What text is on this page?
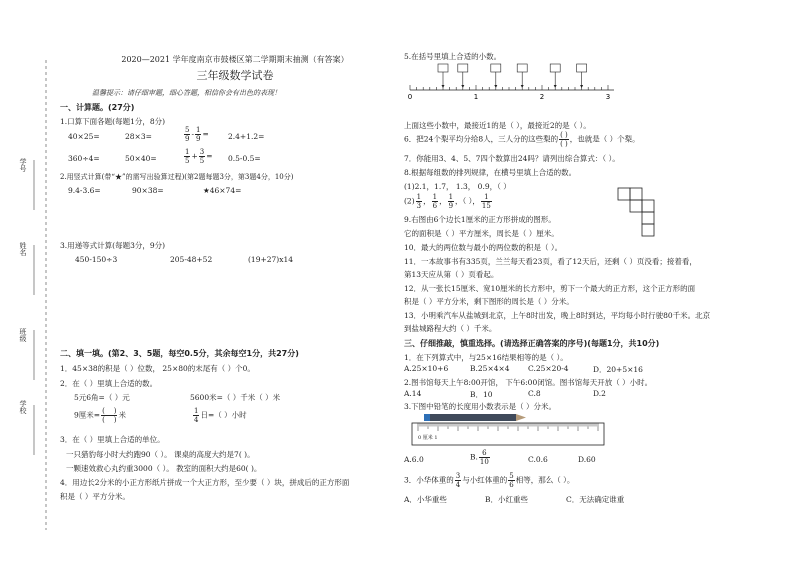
学号
姓名
班级
学校
2020—2021 学年度南京市鼓楼区第二学期期末抽测（有答案）
三年级数学试卷
温馨提示：请仔细审题，细心答题，相信你会有出色的表现！
一、计算题。(27分)
1.口算下面各题(每题1分，8分)
40×25=	28×3=	$\frac{5}{9} - \frac{1}{9}$ =	2.4+1.2=
360÷4=	50×40=	$\frac{1}{5} + \frac{3}{5} = 0.5-0.5=$
2.用竖式计算(带“★”的需写出验算过程)(第2题每题3分，第3题4分，10分)
9.4-3.6=	90×38=	★46×74=
3.用递等式计算(每题3分，9分)
450-150÷3	205-48+52	(19+27)x14
二、填一填。(第2、3、5题，每空0.5分，其余每空1分，共27分)
1．45×38的积是（ ）位数， 25×80的末尾有（ ）个0。
2．在（ ）里填上合适的数。
5元6角=（ ）元	5600米=（ ）千米（ ）米
9厘米= $\frac{( )}{( )}$ 米	$\frac{1}{4}$ 日=（ ）小时
3．在（ ）里填上合适的单位。
一只猎豹每小时大约跑90（ ）。 课桌的高度大约是7( )。
一颗速效救心丸约重3000（ ）。 教室的面积大约是60( )。
4．用边长2分米的小正方形纸片拼成一个大正方形，至少要（ ）块，拼成后的正方形面
积是（ ）平方分米。
5.在括号里填上合适的小数。
0	1	2	3
上面这些小数中，最接近1的是（ ），最接近2的是（ ）。
6．把24个梨平均分给8人，三人分的这些梨的 $\frac{( )}{( )}$ ，也就是（ ）个梨。
7．你能用3、4、5、7四个数算出24吗？请列出综合算式：（ ）。
8.根据每组数的排列规律，在横号里填上合适的数。
(1)2.1，1.7， 1.3， 0.9，（ ）
$(2) \frac{1}{3}$ ， $\frac{1}{6}$ ， $\frac{1}{9}$ ，（ ）， $\frac{1}{15}$
9.右图由6个边长1厘米的正方形拼成的图形。
它的面积是（ ）平方厘米，周长是（ ）厘米。
10．最大的两位数与最小的两位数的积是（ ）。
11．一本故事书有335页，兰兰每天看23页，看了12天后，还剩（ ）页没看；接着看，
第13天应从第（ ）页看起。
12．从一张长15厘米、宽10厘米的长方形中，剪下一个最大的正方形，这个正方形的面
积是（ ）平方分米，剩下图形的周长是（ ）分米。
13．小明乘汽车从盐城到北京，上午8时出发，晚上8时到达，平均每小时行驶80千米。北京
到盐城路程大约（ ）千米。
三、仔细推敲，慎重选择。(请选择正确答案的序号)(每题1分，共10分)
1．在下列算式中，与25×16结果相等的是（ ）。
A.25×10+6	B.25×4×4 C.25×20-4	D．20+5×16
2.图书馆每天上午8:00开馆， 下午6:00闭馆。图书馆每天开放（ ）小时。
A.14	B．10	C.8	D.2
3.下图中铅笔的长度用小数表示是（ ）分米。
0 厘米 1
A.6.0	B. $\frac{6}{10}$	C.0.6	D.60
3．小华体重的 $\frac{3}{4}$ 与小红体重的 $\frac{5}{6}$ 相等，那么（ ）。
A．小华重些	B．小红重些	C．无法确定谁重
